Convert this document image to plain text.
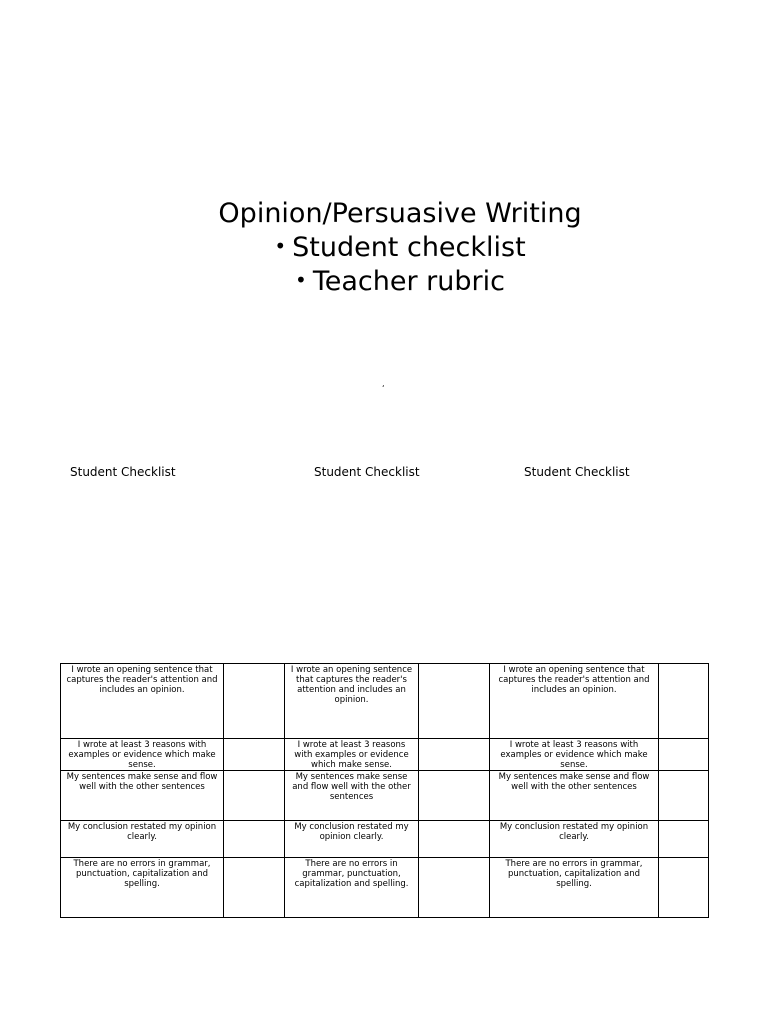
Opinion/Persuasive Writing
• Student checklist
• Teacher rubric
‘
Student Checklist	Student Checklist	Student Checklist
I wrote an opening sentence that captures the reader's attention and includes an opinion.		I wrote an opening sentence that captures the reader's attention and includes an opinion.		I wrote an opening sentence that captures the reader's attention and includes an opinion.	
I wrote at least 3 reasons with examples or evidence which make sense.		I wrote at least 3 reasons with examples or evidence which make sense.		I wrote at least 3 reasons with examples or evidence which make sense.	
My sentences make sense and flow well with the other sentences		My sentences make sense and flow well with the other sentences		My sentences make sense and flow well with the other sentences	
My conclusion restated my opinion clearly.		My conclusion restated my opinion clearly.		My conclusion restated my opinion clearly.	
There are no errors in grammar, punctuation, capitalization and spelling.		There are no errors in grammar, punctuation, capitalization and spelling.		There are no errors in grammar, punctuation, capitalization and spelling.	
